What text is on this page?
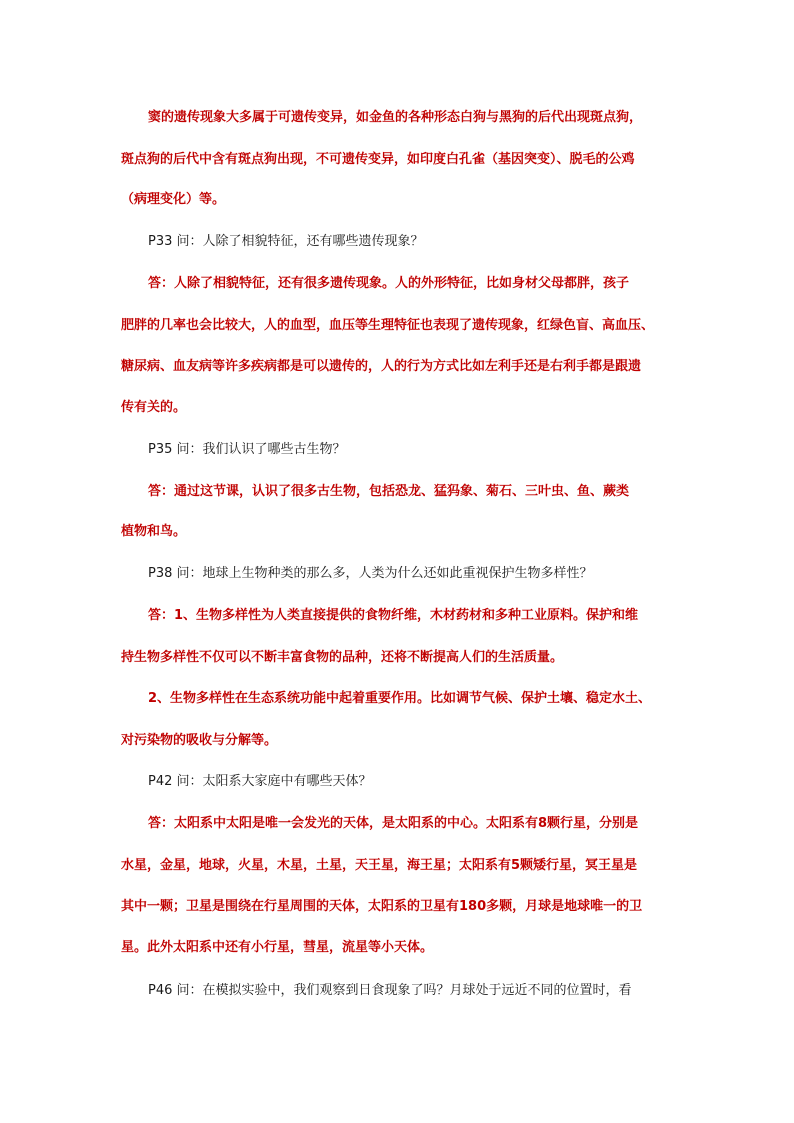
窦的遗传现象大多属于可遗传变异，如金鱼的各种形态白狗与黑狗的后代出现斑点狗，
斑点狗的后代中含有斑点狗出现，不可遗传变异，如印度白孔雀（基因突变）、脱毛的公鸡
（病理变化）等。
P33 问：人除了相貌特征，还有哪些遗传现象？
答：人除了相貌特征，还有很多遗传现象。人的外形特征，比如身材父母都胖，孩子
肥胖的几率也会比较大，人的血型，血压等生理特征也表现了遗传现象，红绿色盲、高血压、
糖尿病、血友病等许多疾病都是可以遗传的，人的行为方式比如左利手还是右利手都是跟遗
传有关的。
P35 问：我们认识了哪些古生物？
答：通过这节课，认识了很多古生物，包括恐龙、猛犸象、菊石、三叶虫、鱼、蕨类
植物和鸟。
P38 问：地球上生物种类的那么多，人类为什么还如此重视保护生物多样性？
答：1、生物多样性为人类直接提供的食物纤维，木材药材和多种工业原料。保护和维
持生物多样性不仅可以不断丰富食物的品种，还将不断提高人们的生活质量。
2、生物多样性在生态系统功能中起着重要作用。比如调节气候、保护土壤、稳定水土、
对污染物的吸收与分解等。
P42 问：太阳系大家庭中有哪些天体？
答：太阳系中太阳是唯一会发光的天体，是太阳系的中心。太阳系有8颗行星，分别是
水星，金星，地球，火星，木星，土星，天王星，海王星；太阳系有5颗矮行星，冥王星是
其中一颗；卫星是围绕在行星周围的天体，太阳系的卫星有180多颗，月球是地球唯一的卫
星。此外太阳系中还有小行星，彗星，流星等小天体。
P46 问：在模拟实验中，我们观察到日食现象了吗？月球处于远近不同的位置时，看
